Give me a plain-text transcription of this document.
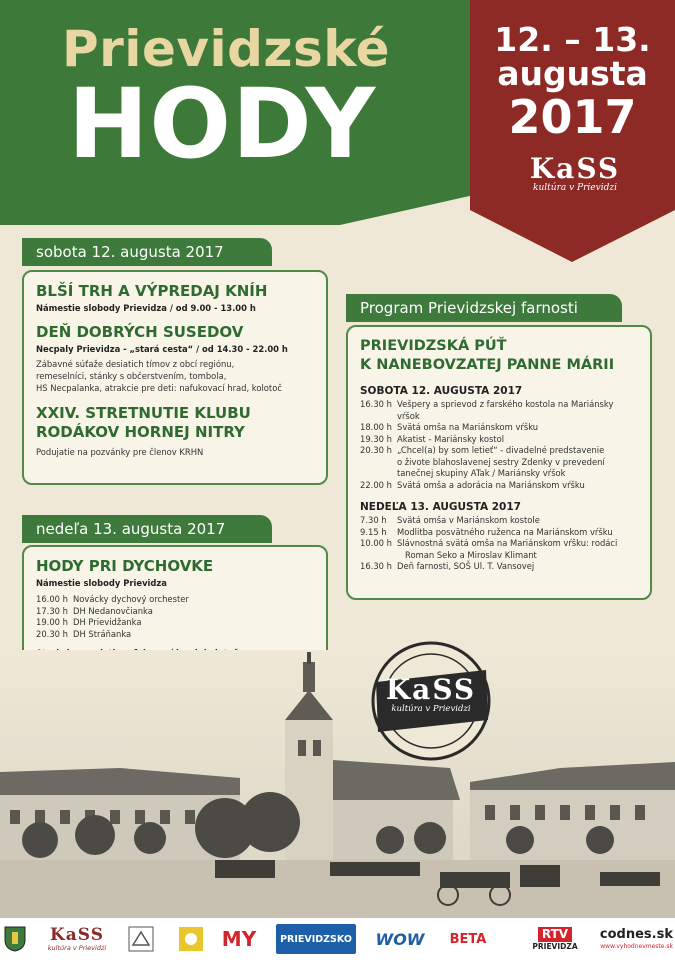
Prievidzské
HODY
12. – 13.
augusta
2017
KaSS
kultúra v Prievidzi
sobota 12. augusta 2017
BLŠÍ TRH A VÝPREDAJ KNÍH
Námestie slobody Prievidza / od 9.00 - 13.00 h
DEŇ DOBRÝCH SUSEDOV
Necpaly Prievidza - „stará cesta“ / od 14.30 - 22.00 h
Zábavné súťaže desiatich tímov z obcí regiónu,
remeselníci, stánky s občerstvením, tombola,
HS Necpalanka, atrakcie pre deti: nafukovací hrad, kolotoč
XXIV. STRETNUTIE KLUBU
RODÁKOV HORNEJ NITRY
Podujatie na pozvánky pre členov KRHN
nedeľa 13. augusta 2017
HODY PRI DYCHOVKE
Námestie slobody Prievidza
16.00 h Novácky dychový orchester
17.30 h DH Nedanovčianka
19.00 h DH Prievidžanka
20.30 h DH Stráňanka
Program Prievidzskej farnosti
PRIEVIDZSKÁ PÚŤ
K NANEBOVZATEJ PANNE MÁRII
SOBOTA 12. AUGUSTA 2017
16.30 h Vešpery a sprievod z farského kostola na Mariánsky
vŕšok
18.00 h Svätá omša na Mariánskom vŕšku
19.30 h Akatist - Mariánsky kostol
20.30 h „Chcel(a) by som letieť“ - divadelné predstavenie
o živote blahoslavenej sestry Zdenky v prevedení
tanečnej skupiny ATak / Mariánsky vŕšok
22.00 h Svätá omša a adorácia na Mariánskom vŕšku
NEDEĽA 13. AUGUSTA 2017
7.30 h	Svätá omša v Mariánskom kostole
9.15 h	Modlitba posvätného ruženca na Mariánskom vŕšku
10.00 h Slávnostná svätá omša na Mariánskom vŕšku: rodáci
Roman Seko a Miroslav Klimant
16.30 h Deň farnosti, SOŠ Ul. T. Vansovej
KaSS
kultúra v Prievidzi
KaSS
kultúra v Prievidzi	MY	PRIEVIDZSKO	WOW	BETA	RTV
PRIEVIDZA
codnes.sk
www.vyhodnevmeste.sk
